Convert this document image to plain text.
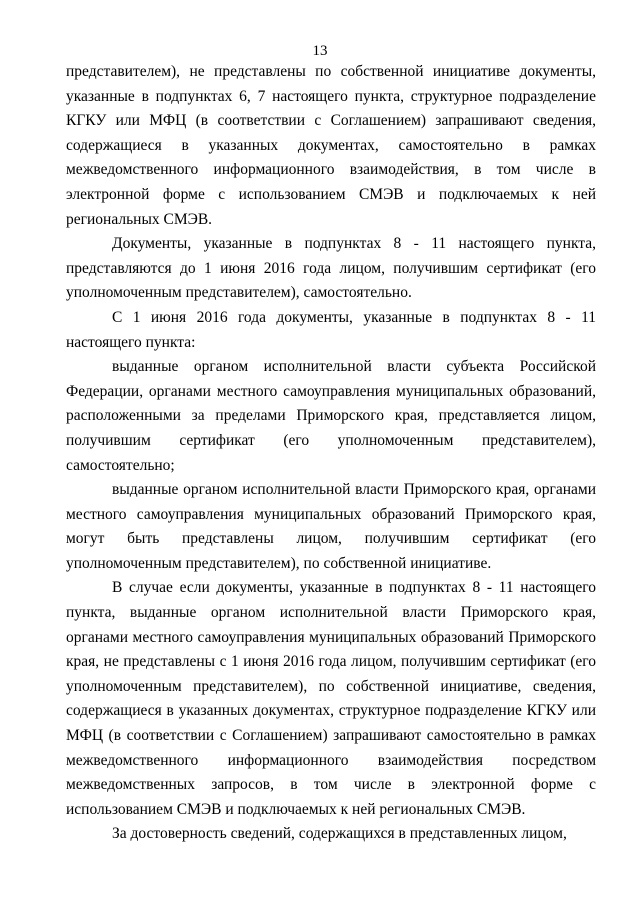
13

представителем), не представлены по собственной инициативе документы, указанные в подпунктах 6, 7 настоящего пункта, структурное подразделение КГКУ или МФЦ (в соответствии с Соглашением) запрашивают сведения, содержащиеся в указанных документах, самостоятельно в рамках межведомственного информационного взаимодействия, в том числе в электронной форме с использованием СМЭВ и подключаемых к ней региональных СМЭВ.

Документы, указанные в подпунктах 8 - 11 настоящего пункта, представляются до 1 июня 2016 года лицом, получившим сертификат (его уполномоченным представителем), самостоятельно.

С 1 июня 2016 года документы, указанные в подпунктах 8 - 11 настоящего пункта:

выданные органом исполнительной власти субъекта Российской Федерации, органами местного самоуправления муниципальных образований, расположенными за пределами Приморского края, представляется лицом, получившим сертификат (его уполномоченным представителем), самостоятельно;

выданные органом исполнительной власти Приморского края, органами местного самоуправления муниципальных образований Приморского края, могут быть представлены лицом, получившим сертификат (его уполномоченным представителем), по собственной инициативе.

В случае если документы, указанные в подпунктах 8 - 11 настоящего пункта, выданные органом исполнительной власти Приморского края, органами местного самоуправления муниципальных образований Приморского края, не представлены с 1 июня 2016 года лицом, получившим сертификат (его уполномоченным представителем), по собственной инициативе, сведения, содержащиеся в указанных документах, структурное подразделение КГКУ или МФЦ (в соответствии с Соглашением) запрашивают самостоятельно в рамках межведомственного информационного взаимодействия посредством межведомственных запросов, в том числе в электронной форме с использованием СМЭВ и подключаемых к ней региональных СМЭВ.

За достоверность сведений, содержащихся в представленных лицом,
